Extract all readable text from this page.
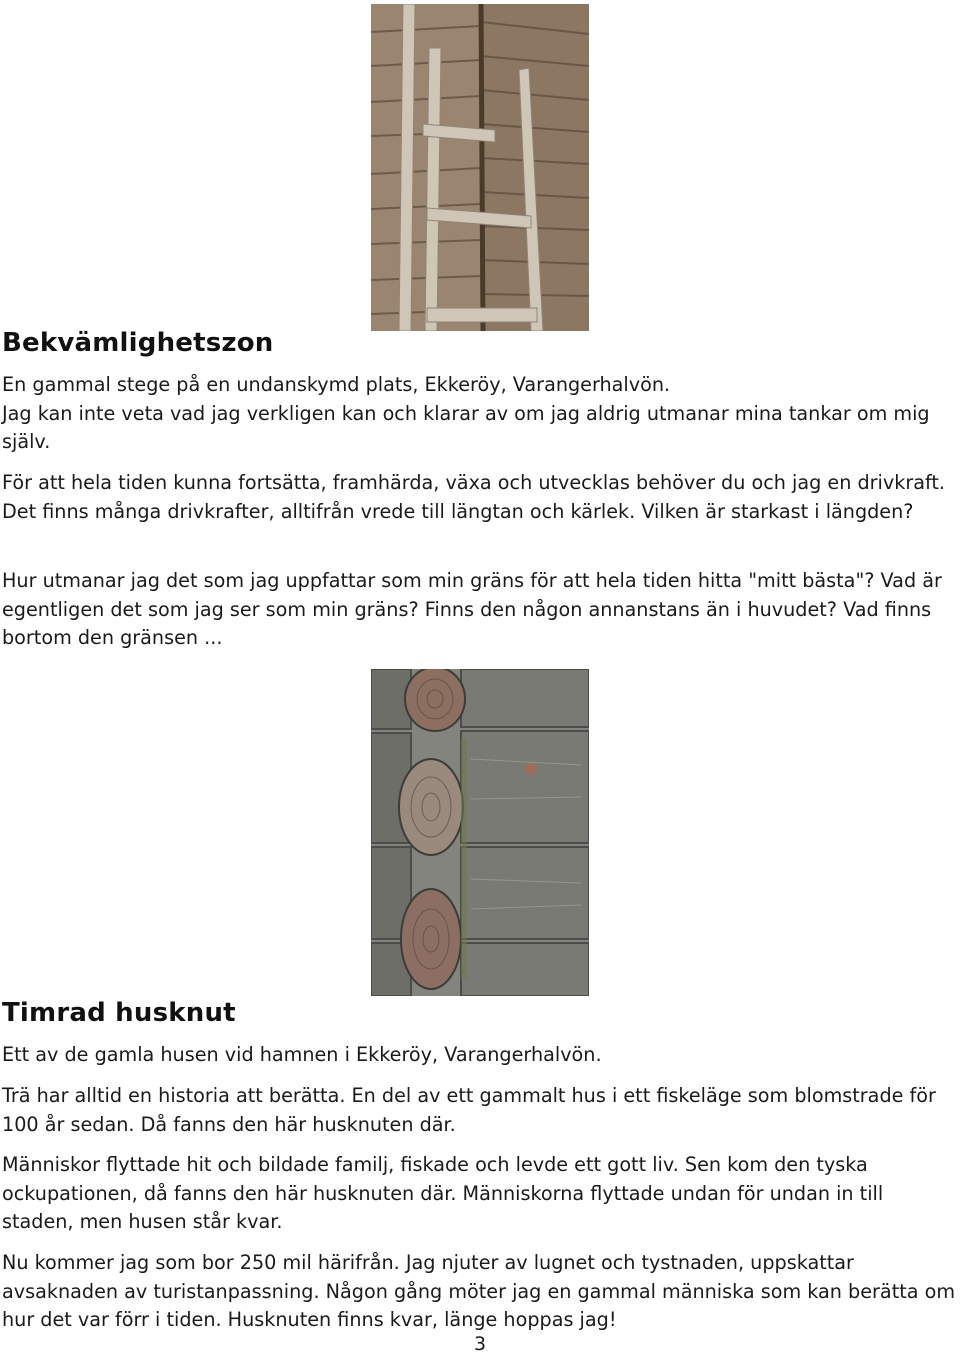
Bekvämlighetszon

En gammal stege på en undanskymd plats, Ekkeröy, Varangerhalvön.

Jag kan inte veta vad jag verkligen kan och klarar av om jag aldrig utmanar mina tankar om mig själv.

För att hela tiden kunna fortsätta, framhärda, växa och utvecklas behöver du och jag en drivkraft. Det finns många drivkrafter, alltifrån vrede till längtan och kärlek. Vilken är starkast i längden?

Hur utmanar jag det som jag uppfattar som min gräns för att hela tiden hitta "mitt bästa"? Vad är egentligen det som jag ser som min gräns? Finns den någon annanstans än i huvudet? Vad finns bortom den gränsen ...

Timrad husknut

Ett av de gamla husen vid hamnen i Ekkeröy, Varangerhalvön.

Trä har alltid en historia att berätta. En del av ett gammalt hus i ett fiskeläge som blomstrade för 100 år sedan. Då fanns den här husknuten där.

Människor flyttade hit och bildade familj, fiskade och levde ett gott liv. Sen kom den tyska ockupationen, då fanns den här husknuten där. Människorna flyttade undan för undan in till staden, men husen står kvar.

Nu kommer jag som bor 250 mil härifrån. Jag njuter av lugnet och tystnaden, uppskattar avsaknaden av turistanpassning. Någon gång möter jag en gammal människa som kan berätta om hur det var förr i tiden. Husknuten finns kvar, länge hoppas jag!

3
